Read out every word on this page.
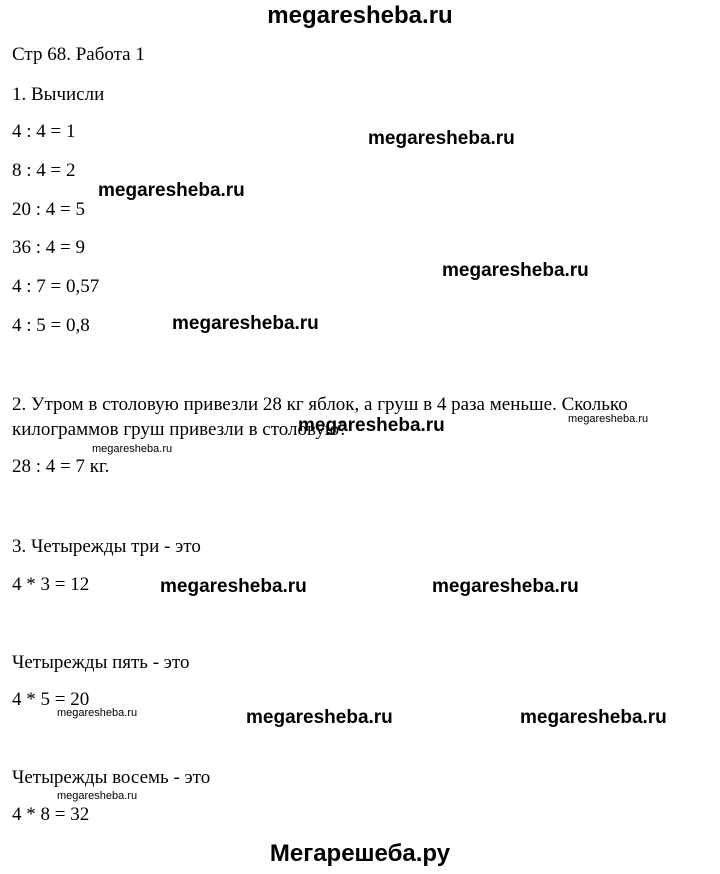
megaresheba.ru
Стр 68. Работа 1
1. Вычисли
4 : 4 = 1
8 : 4 = 2
20 : 4 = 5
36 : 4 = 9
4 : 7 = 0,57
4 : 5 = 0,8
2. Утром в столовую привезли 28 кг яблок, а груш в 4 раза меньше. Сколько
килограммов груш привезли в столовую?
28 : 4 = 7 кг.
3. Четырежды три - это
4 * 3 = 12
Четырежды пять - это
4 * 5 = 20
Четырежды восемь - это
4 * 8 = 32
megaresheba.ru
megaresheba.ru
megaresheba.ru
megaresheba.ru
megaresheba.ru
megaresheba.ru
megaresheba.ru
megaresheba.ru	megaresheba.ru
megaresheba.ru	megaresheba.ru	megaresheba.ru
megaresheba.ru
Мегарешеба.ру
